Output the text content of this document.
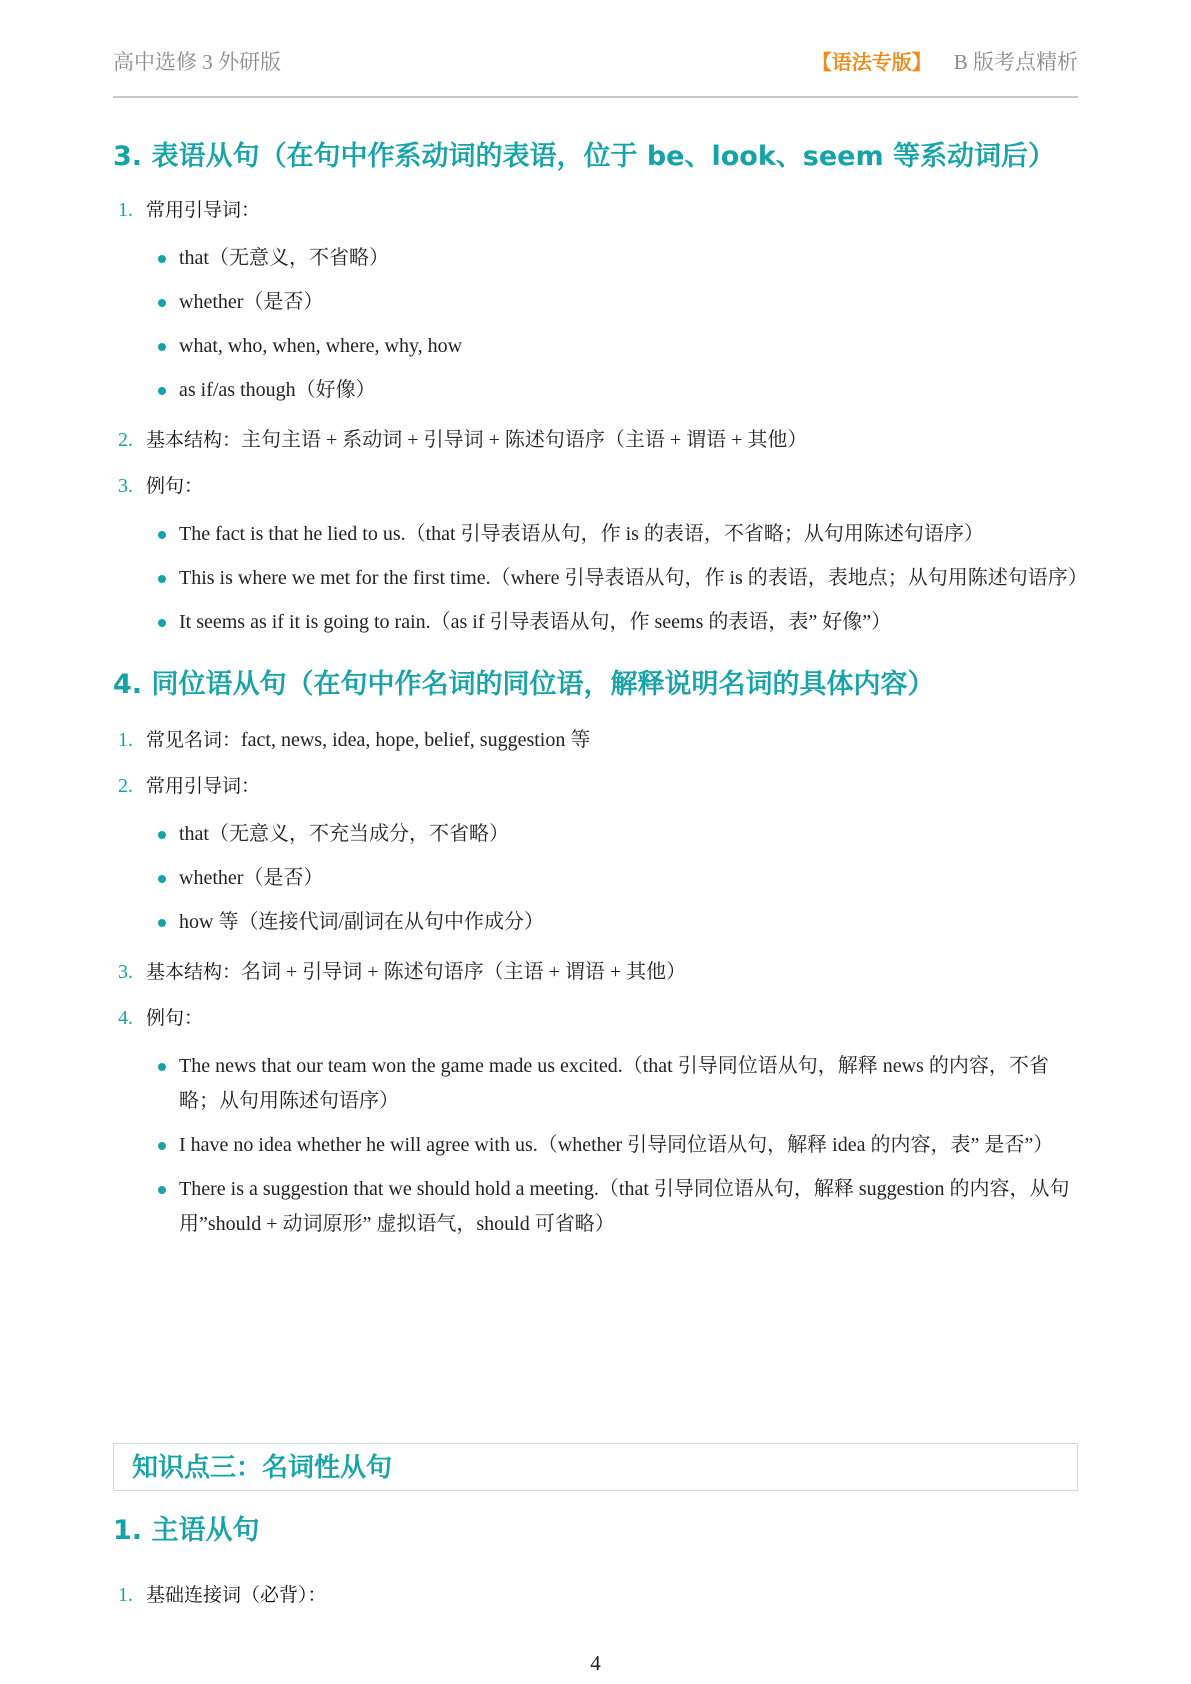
高中选修 3 外研版	【语法专版】 B 版考点精析
3. 表语从句（在句中作系动词的表语，位于 be、look、seem 等系动词后）

1. 常用引导词：

that（无意义，不省略）
whether（是否）
what, who, when, where, why, how
as if/as though（好像）

2. 基本结构：主句主语 + 系动词 + 引导词 + 陈述句语序（主语 + 谓语 + 其他）

3. 例句：

The fact is that he lied to us.（that 引导表语从句，作 is 的表语，不省略；从句用陈述句语序）
This is where we met for the first time.（where 引导表语从句，作 is 的表语，表地点；从句用陈述句语序）
It seems as if it is going to rain.（as if 引导表语从句，作 seems 的表语，表” 好像”）
4. 同位语从句（在句中作名词的同位语，解释说明名词的具体内容）

1. 常见名词：fact, news, idea, hope, belief, suggestion 等

2. 常用引导词：

that（无意义，不充当成分，不省略）
whether（是否）
how 等（连接代词/副词在从句中作成分）

3. 基本结构：名词 + 引导词 + 陈述句语序（主语 + 谓语 + 其他）

4. 例句：

The news that our team won the game made us excited.（that 引导同位语从句，解释 news 的内容，不省略；从句用陈述句语序）
I have no idea whether he will agree with us.（whether 引导同位语从句，解释 idea 的内容，表” 是否”）
There is a suggestion that we should hold a meeting.（that 引导同位语从句，解释 suggestion 的内容，从句用”should + 动词原形” 虚拟语气，should 可省略）
知识点三：名词性从句
1. 主语从句

1. 基础连接词（必背）：

4
